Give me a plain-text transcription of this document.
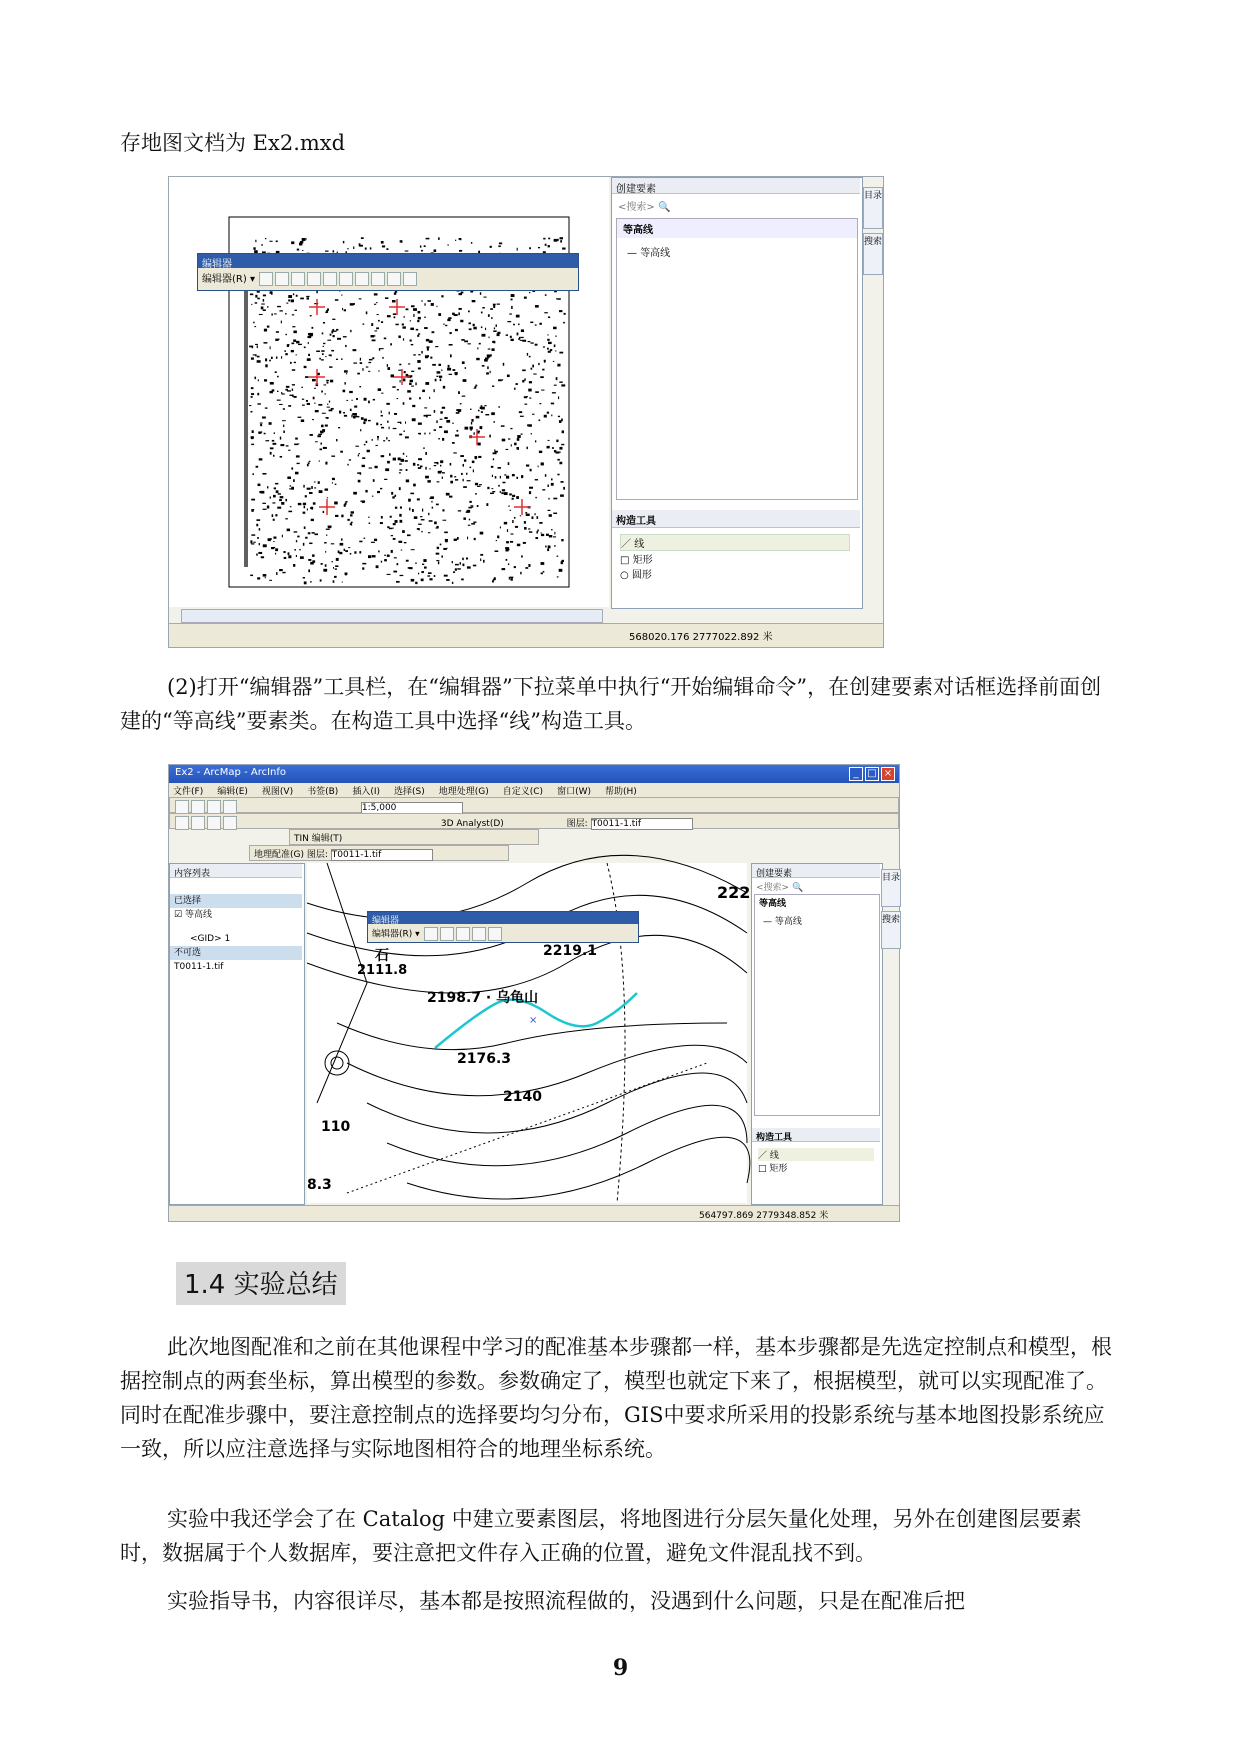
存地图文档为 Ex2.mxd

编辑器
编辑器(R) ▾
创建要素
<搜索> 🔍
等高线
— 等高线
构造工具
／ 线
□ 矩形
○ 圆形
目录
搜索
568020.176 2777022.892 米

(2)打开“编辑器”工具栏，在“编辑器”下拉菜单中执行“开始编辑命令”，在创建要素对话框选择前面创建的“等高线”要素类。在构造工具中选择“线”构造工具。

Ex2 - ArcMap - ArcInfo	_ □ ×
文件(F) 编辑(E) 视图(V) 书签(B) 插入(I) 选择(S) 地理处理(G) 自定义(C) 窗口(W) 帮助(H)
1:5,000
3D Analyst(D)	图层: T0011-1.tif
TIN 编辑(T)
地理配准(G) 图层: T0011-1.tif
内容列表
已选择
☑ 等高线
<GID> 1
不可选
T0011-1.tif
×
222
石
2111.8
2219.1
2198.7 · 乌龟山
2176.3
2140
110
8.3
编辑器
编辑器(R) ▾
创建要素
<搜索> 🔍
等高线
— 等高线
构造工具
／ 线
□ 矩形
目录
搜索
564797.869 2779348.852 米
1.4 实验总结

此次地图配准和之前在其他课程中学习的配准基本步骤都一样，基本步骤都是先选定控制点和模型，根据控制点的两套坐标，算出模型的参数。参数确定了，模型也就定下来了，根据模型，就可以实现配准了。同时在配准步骤中，要注意控制点的选择要均匀分布，GIS中要求所采用的投影系统与基本地图投影系统应一致，所以应注意选择与实际地图相符合的地理坐标系统。

实验中我还学会了在 Catalog 中建立要素图层，将地图进行分层矢量化处理，另外在创建图层要素时，数据属于个人数据库，要注意把文件存入正确的位置，避免文件混乱找不到。

实验指导书，内容很详尽，基本都是按照流程做的，没遇到什么问题，只是在配准后把

9
